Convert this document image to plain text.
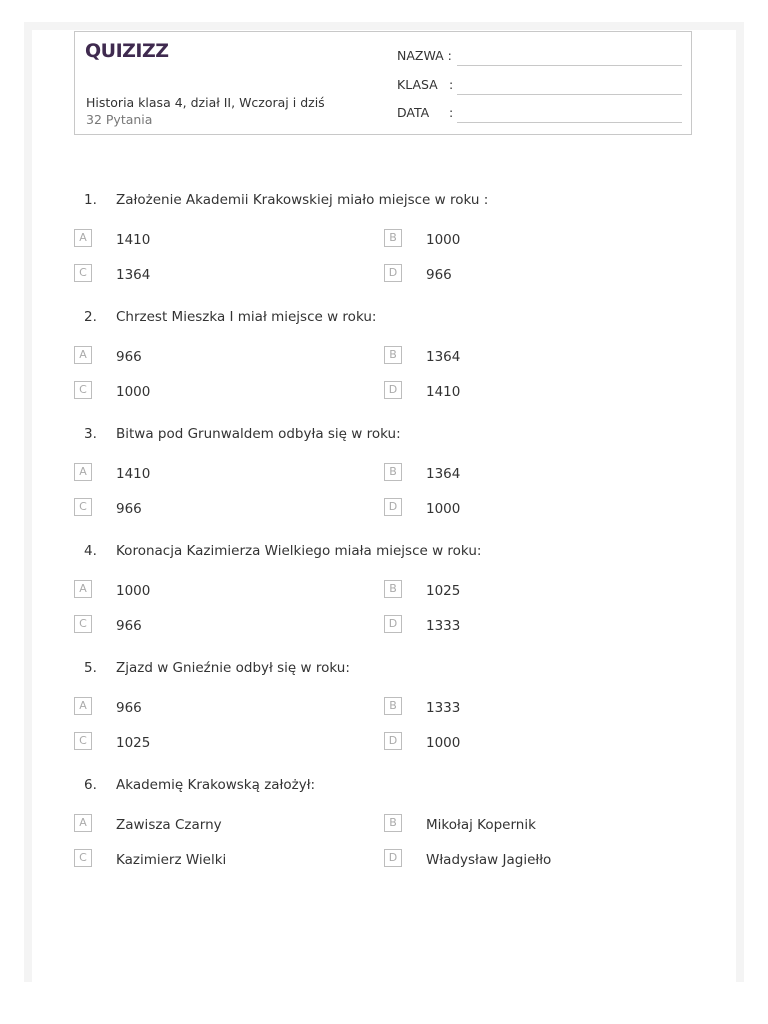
QUIZIZZ
Historia klasa 4, dział II, Wczoraj i dziś
32 Pytania
NAZWA :
KLASA :
DATA :
1.	Założenie Akademii Krakowskiej miało miejsce w roku :
A	1410	B	1000
C	1364	D	966
2.	Chrzest Mieszka I miał miejsce w roku:
A	966	B	1364
C	1000	D	1410
3.	Bitwa pod Grunwaldem odbyła się w roku:
A	1410	B	1364
C	966	D	1000
4.	Koronacja Kazimierza Wielkiego miała miejsce w roku:
A	1000	B	1025
C	966	D	1333
5.	Zjazd w Gnieźnie odbył się w roku:
A	966	B	1333
C	1025	D	1000
6.	Akademię Krakowską założył:
A	Zawisza Czarny	B	Mikołaj Kopernik
C	Kazimierz Wielki	D	Władysław Jagiełło
